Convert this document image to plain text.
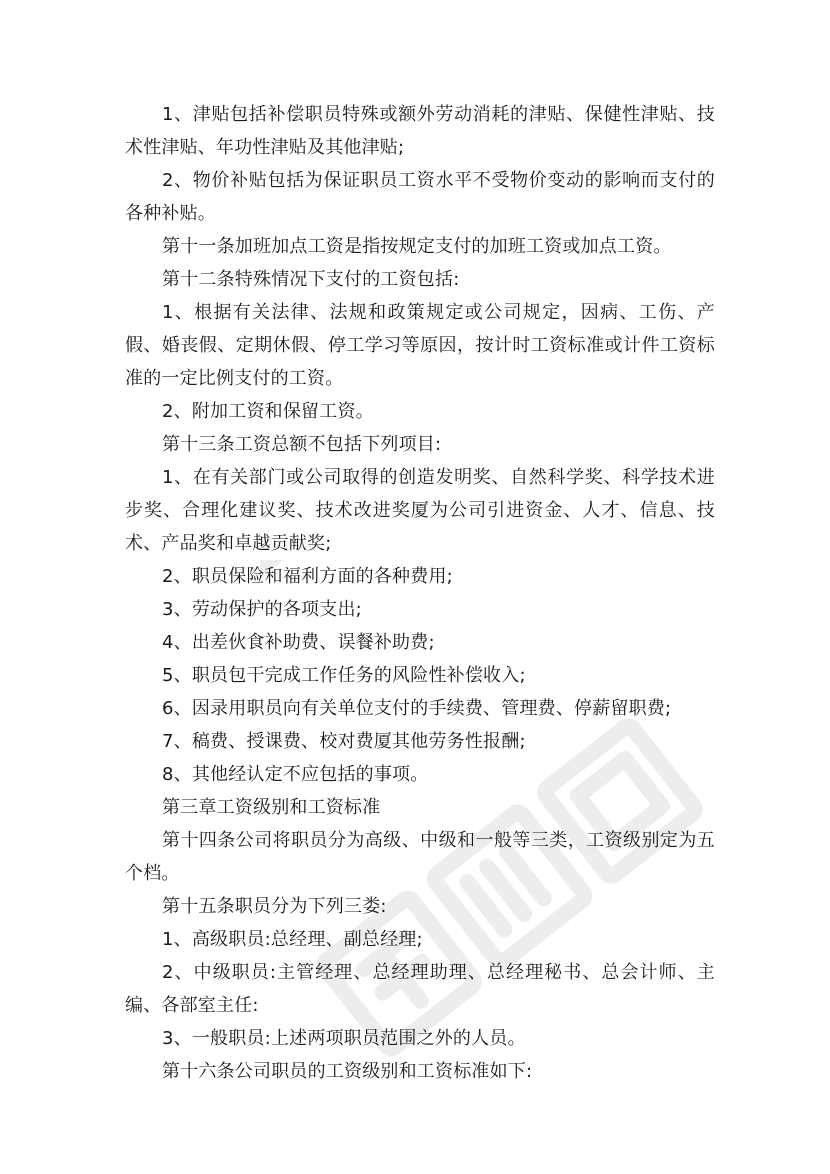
1、津贴包括补偿职员特殊或额外劳动消耗的津贴、保健性津贴、技术性津贴、年功性津贴及其他津贴;

2、物价补贴包括为保证职员工资水平不受物价变动的影响而支付的各种补贴。

第十一条加班加点工资是指按规定支付的加班工资或加点工资。

第十二条特殊情况下支付的工资包括:

1、根据有关法律、法规和政策规定或公司规定，因病、工伤、产假、婚丧假、定期休假、停工学习等原因，按计时工资标准或计件工资标准的一定比例支付的工资。

2、附加工资和保留工资。

第十三条工资总额不包括下列项目:

1、在有关部门或公司取得的创造发明奖、自然科学奖、科学技术进步奖、合理化建议奖、技术改进奖厦为公司引进资金、人才、信息、技术、产品奖和卓越贡献奖;

2、职员保险和福利方面的各种费用;

3、劳动保护的各项支出;

4、出差伙食补助费、误餐补助费;

5、职员包干完成工作任务的风险性补偿收入;

6、因录用职员向有关单位支付的手续费、管理费、停薪留职费;

7、稿费、授课费、校对费厦其他劳务性报酬;

8、其他经认定不应包括的事项。

第三章工资级别和工资标准

第十四条公司将职员分为高级、中级和一般等三类，工资级别定为五个档。

第十五条职员分为下列三娄:

1、高级职员:总经理、副总经理;

2、中级职员:主管经理、总经理助理、总经理秘书、总会计师、主编、各部室主任:

3、一般职员:上述两项职员范围之外的人员。

第十六条公司职员的工资级别和工资标准如下:
